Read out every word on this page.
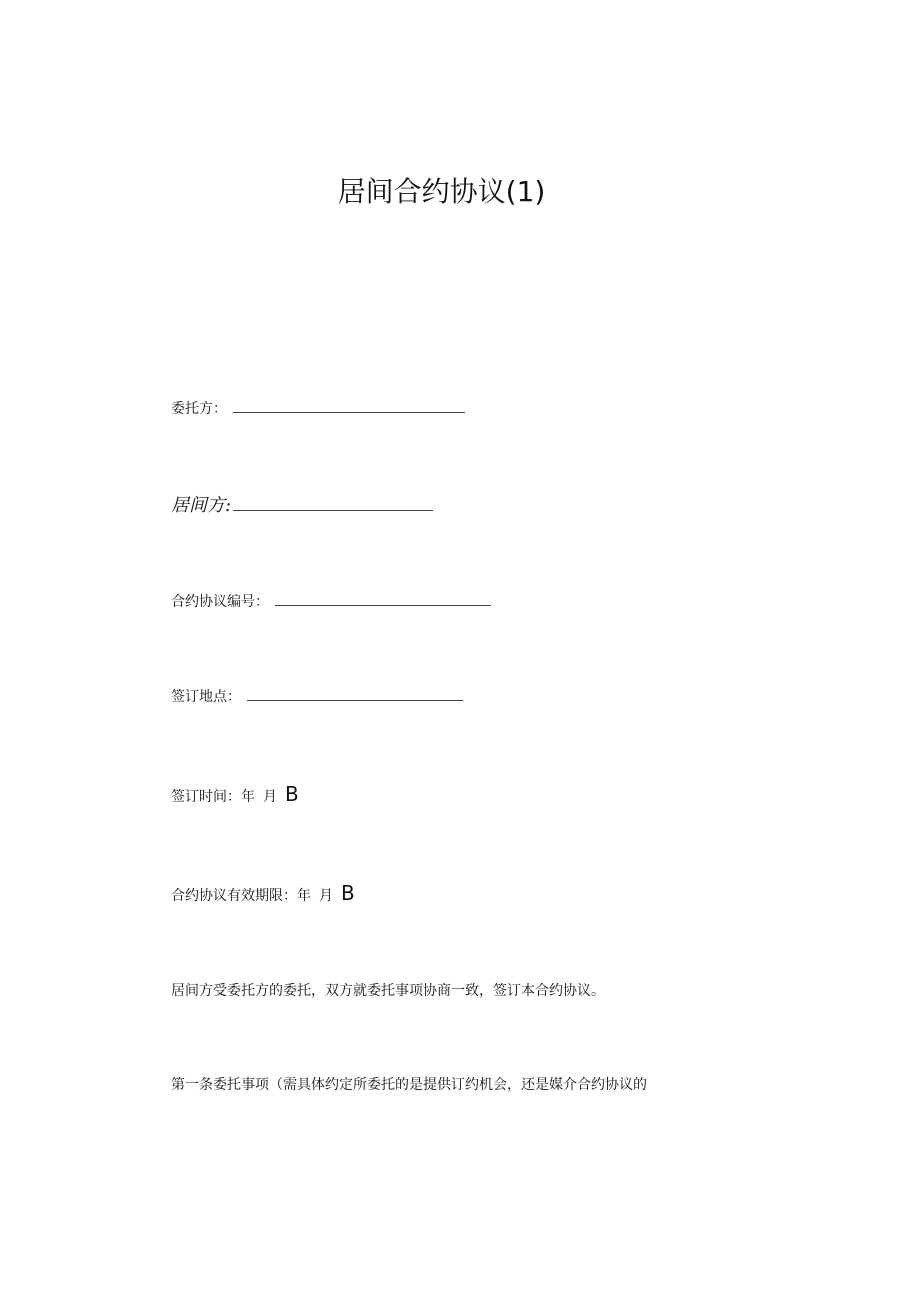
居间合约协议(1)
委托方：
居间方:
合约协议编号：
签订地点：
签订时间：年 月 B
合约协议有效期限：年 月 B
居间方受委托方的委托，双方就委托事项协商一致，签订本合约协议。
第一条委托事项（需具体约定所委托的是提供订约机会，还是媒介合约协议的
